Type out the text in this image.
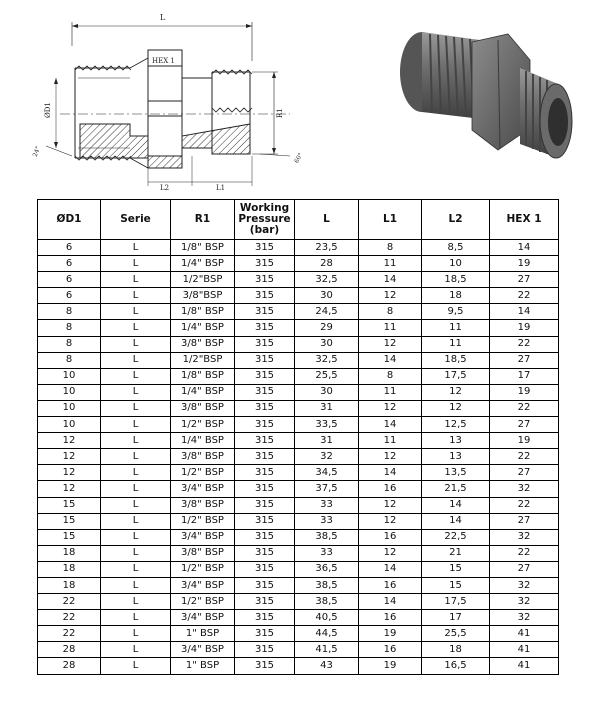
L
HEX 1
ØD1	R1
L1
L2
24°
60°
ØD1	Serie	R1	Working Pressure (bar)	L	L1	L2	HEX 1
6	L	1/8" BSP	315	23,5	8	8,5	14
6	L	1/4" BSP	315	28	11	10	19
6	L	1/2"BSP	315	32,5	14	18,5	27
6	L	3/8"BSP	315	30	12	18	22
8	L	1/8" BSP	315	24,5	8	9,5	14
8	L	1/4" BSP	315	29	11	11	19
8	L	3/8" BSP	315	30	12	11	22
8	L	1/2"BSP	315	32,5	14	18,5	27
10	L	1/8" BSP	315	25,5	8	17,5	17
10	L	1/4" BSP	315	30	11	12	19
10	L	3/8" BSP	315	31	12	12	22
10	L	1/2" BSP	315	33,5	14	12,5	27
12	L	1/4" BSP	315	31	11	13	19
12	L	3/8" BSP	315	32	12	13	22
12	L	1/2" BSP	315	34,5	14	13,5	27
12	L	3/4" BSP	315	37,5	16	21,5	32
15	L	3/8" BSP	315	33	12	14	22
15	L	1/2" BSP	315	33	12	14	27
15	L	3/4" BSP	315	38,5	16	22,5	32
18	L	3/8" BSP	315	33	12	21	22
18	L	1/2" BSP	315	36,5	14	15	27
18	L	3/4" BSP	315	38,5	16	15	32
22	L	1/2" BSP	315	38,5	14	17,5	32
22	L	3/4" BSP	315	40,5	16	17	32
22	L	1" BSP	315	44,5	19	25,5	41
28	L	3/4" BSP	315	41,5	16	18	41
28	L	1" BSP	315	43	19	16,5	41
